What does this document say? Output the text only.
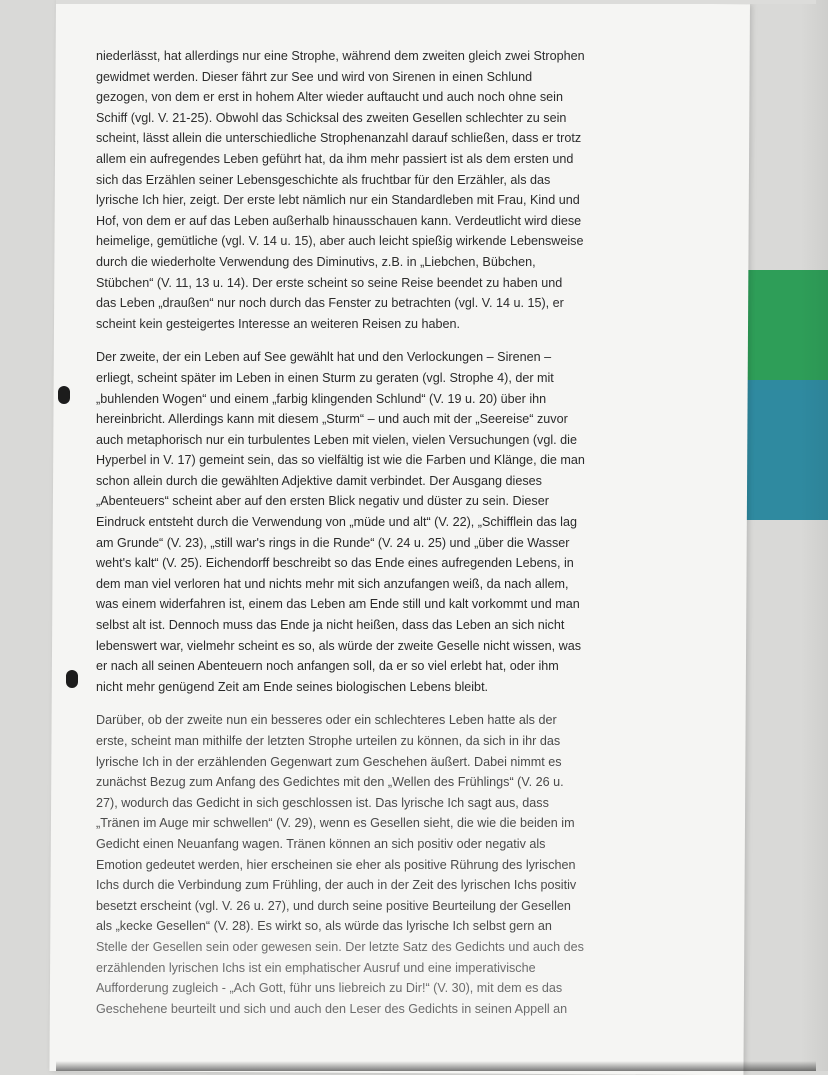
niederlässt, hat allerdings nur eine Strophe, während dem zweiten gleich zwei Strophen
gewidmet werden. Dieser fährt zur See und wird von Sirenen in einen Schlund
gezogen, von dem er erst in hohem Alter wieder auftaucht und auch noch ohne sein
Schiff (vgl. V. 21-25). Obwohl das Schicksal des zweiten Gesellen schlechter zu sein
scheint, lässt allein die unterschiedliche Strophenanzahl darauf schließen, dass er trotz
allem ein aufregendes Leben geführt hat, da ihm mehr passiert ist als dem ersten und
sich das Erzählen seiner Lebensgeschichte als fruchtbar für den Erzähler, als das
lyrische Ich hier, zeigt. Der erste lebt nämlich nur ein Standardleben mit Frau, Kind und
Hof, von dem er auf das Leben außerhalb hinausschauen kann. Verdeutlicht wird diese
heimelige, gemütliche (vgl. V. 14 u. 15), aber auch leicht spießig wirkende Lebensweise
durch die wiederholte Verwendung des Diminutivs, z.B. in „Liebchen, Bübchen,
Stübchen“ (V. 11, 13 u. 14). Der erste scheint so seine Reise beendet zu haben und
das Leben „draußen“ nur noch durch das Fenster zu betrachten (vgl. V. 14 u. 15), er
scheint kein gesteigertes Interesse an weiteren Reisen zu haben.
Der zweite, der ein Leben auf See gewählt hat und den Verlockungen – Sirenen –
erliegt, scheint später im Leben in einen Sturm zu geraten (vgl. Strophe 4), der mit
„buhlenden Wogen“ und einem „farbig klingenden Schlund“ (V. 19 u. 20) über ihn
hereinbricht. Allerdings kann mit diesem „Sturm“ – und auch mit der „Seereise“ zuvor
auch metaphorisch nur ein turbulentes Leben mit vielen, vielen Versuchungen (vgl. die
Hyperbel in V. 17) gemeint sein, das so vielfältig ist wie die Farben und Klänge, die man
schon allein durch die gewählten Adjektive damit verbindet. Der Ausgang dieses
„Abenteuers“ scheint aber auf den ersten Blick negativ und düster zu sein. Dieser
Eindruck entsteht durch die Verwendung von „müde und alt“ (V. 22), „Schifflein das lag
am Grunde“ (V. 23), „still war's rings in die Runde“ (V. 24 u. 25) und „über die Wasser
weht's kalt“ (V. 25). Eichendorff beschreibt so das Ende eines aufregenden Lebens, in
dem man viel verloren hat und nichts mehr mit sich anzufangen weiß, da nach allem,
was einem widerfahren ist, einem das Leben am Ende still und kalt vorkommt und man
selbst alt ist. Dennoch muss das Ende ja nicht heißen, dass das Leben an sich nicht
lebenswert war, vielmehr scheint es so, als würde der zweite Geselle nicht wissen, was
er nach all seinen Abenteuern noch anfangen soll, da er so viel erlebt hat, oder ihm
nicht mehr genügend Zeit am Ende seines biologischen Lebens bleibt.
Darüber, ob der zweite nun ein besseres oder ein schlechteres Leben hatte als der
erste, scheint man mithilfe der letzten Strophe urteilen zu können, da sich in ihr das
lyrische Ich in der erzählenden Gegenwart zum Geschehen äußert. Dabei nimmt es
zunächst Bezug zum Anfang des Gedichtes mit den „Wellen des Frühlings“ (V. 26 u.
27), wodurch das Gedicht in sich geschlossen ist. Das lyrische Ich sagt aus, dass
„Tränen im Auge mir schwellen“ (V. 29), wenn es Gesellen sieht, die wie die beiden im
Gedicht einen Neuanfang wagen. Tränen können an sich positiv oder negativ als
Emotion gedeutet werden, hier erscheinen sie eher als positive Rührung des lyrischen
Ichs durch die Verbindung zum Frühling, der auch in der Zeit des lyrischen Ichs positiv
besetzt erscheint (vgl. V. 26 u. 27), und durch seine positive Beurteilung der Gesellen
als „kecke Gesellen“ (V. 28). Es wirkt so, als würde das lyrische Ich selbst gern an
Stelle der Gesellen sein oder gewesen sein. Der letzte Satz des Gedichts und auch des
erzählenden lyrischen Ichs ist ein emphatischer Ausruf und eine imperativische
Aufforderung zugleich - „Ach Gott, führ uns liebreich zu Dir!“ (V. 30), mit dem es das
Geschehene beurteilt und sich und auch den Leser des Gedichts in seinen Appell an
